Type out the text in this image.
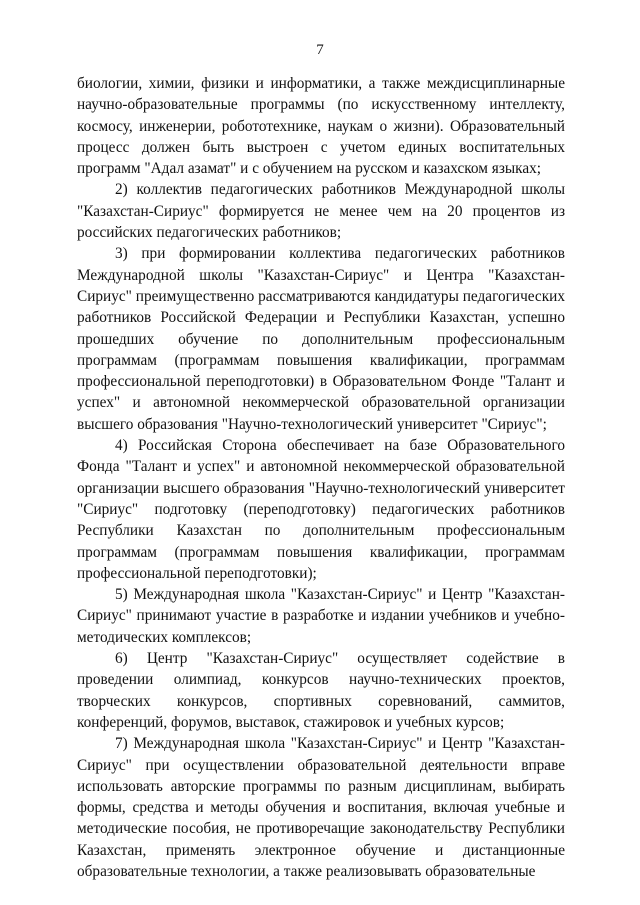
7

биологии, химии, физики и информатики, а также междисциплинарные научно-образовательные программы (по искусственному интеллекту, космосу, инженерии, робототехнике, наукам о жизни). Образовательный процесс должен быть выстроен с учетом единых воспитательных программ "Адал азамат" и с обучением на русском и казахском языках;

2) коллектив педагогических работников Международной школы "Казахстан-Сириус" формируется не менее чем на 20 процентов из российских педагогических работников;

3) при формировании коллектива педагогических работников Международной школы "Казахстан-Сириус" и Центра "Казахстан-Сириус" преимущественно рассматриваются кандидатуры педагогических работников Российской Федерации и Республики Казахстан, успешно прошедших обучение по дополнительным профессиональным программам (программам повышения квалификации, программам профессиональной переподготовки) в Образовательном Фонде "Талант и успех" и автономной некоммерческой образовательной организации высшего образования "Научно-технологический университет "Сириус";

4) Российская Сторона обеспечивает на базе Образовательного Фонда "Талант и успех" и автономной некоммерческой образовательной организации высшего образования "Научно-технологический университет "Сириус" подготовку (переподготовку) педагогических работников Республики Казахстан по дополнительным профессиональным программам (программам повышения квалификации, программам профессиональной переподготовки);

5) Международная школа "Казахстан-Сириус" и Центр "Казахстан-Сириус" принимают участие в разработке и издании учебников и учебно-методических комплексов;

6) Центр "Казахстан-Сириус" осуществляет содействие в проведении олимпиад, конкурсов научно-технических проектов, творческих конкурсов, спортивных соревнований, саммитов, конференций, форумов, выставок, стажировок и учебных курсов;

7) Международная школа "Казахстан-Сириус" и Центр "Казахстан-Сириус" при осуществлении образовательной деятельности вправе использовать авторские программы по разным дисциплинам, выбирать формы, средства и методы обучения и воспитания, включая учебные и методические пособия, не противоречащие законодательству Республики Казахстан, применять электронное обучение и дистанционные образовательные технологии, а также реализовывать образовательные
